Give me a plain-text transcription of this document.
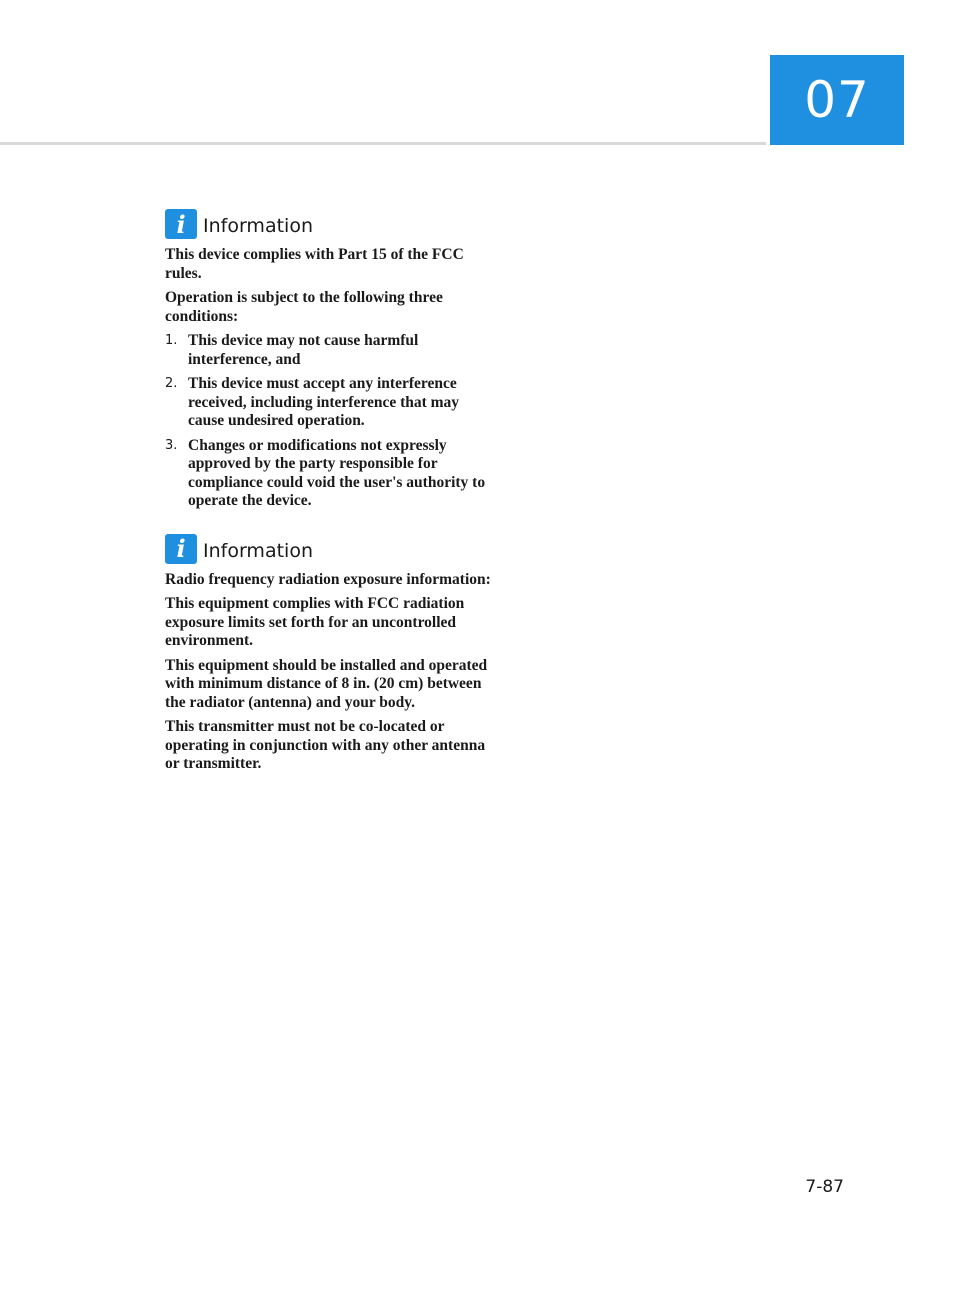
07
i Information

This device complies with Part 15 of the FCC rules.

Operation is subject to the following three conditions:

1. This device may not cause harmful interference, and
2. This device must accept any interference received, including interference that may cause undesired operation.
3. Changes or modifications not expressly approved by the party responsible for compliance could void the user's authority to operate the device.
i Information

Radio frequency radiation exposure information:

This equipment complies with FCC radiation exposure limits set forth for an uncontrolled environment.

This equipment should be installed and operated with minimum distance of 8 in. (20 cm) between the radiator (antenna) and your body.

This transmitter must not be co-located or operating in conjunction with any other antenna or transmitter.

7-87
